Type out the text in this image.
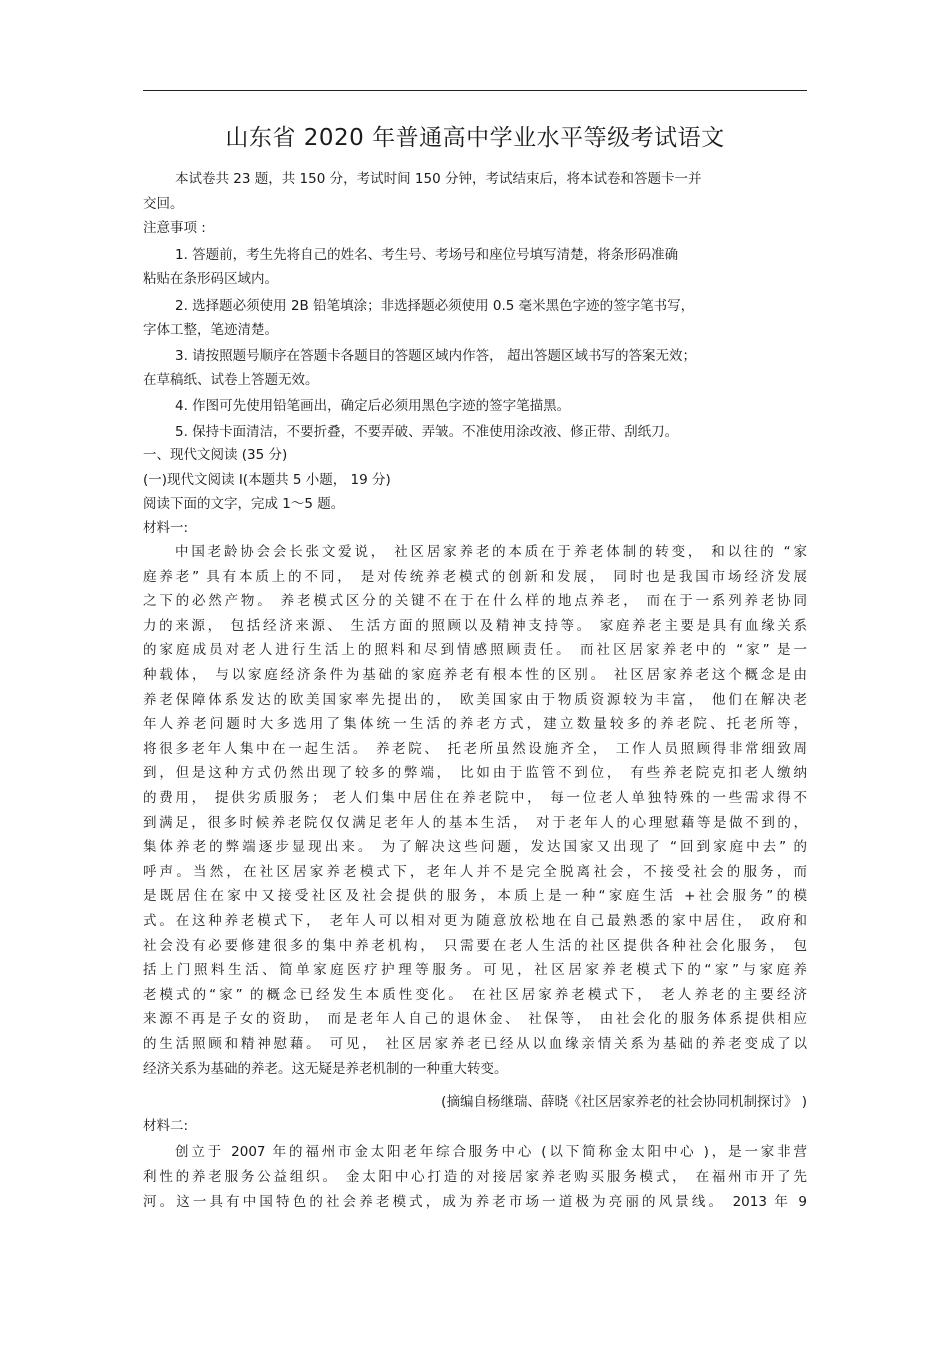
山东省 2020 年普通高中学业水平等级考试语文
本试卷共 23 题，共 150 分，考试时间 150 分钟，考试结束后，将本试卷和答题卡一并
交回。
注意事项 :
1. 答题前，考生先将自己的姓名、考生号、考场号和座位号填写清楚，将条形码准确
粘贴在条形码区域内。
2. 选择题必须使用 2B 铅笔填涂；非选择题必须使用 0.5 毫米黑色字迹的签字笔书写，
字体工整，笔迹清楚。
3. 请按照题号顺序在答题卡各题目的答题区域内作答， 超出答题区域书写的答案无效；
在草稿纸、试卷上答题无效。
4. 作图可先使用铅笔画出，确定后必须用黑色字迹的签字笔描黑。
5. 保持卡面清洁，不要折叠，不要弄破、弄皱。不准使用涂改液、修正带、刮纸刀。
一、现代文阅读 (35 分)
(一)现代文阅读 I(本题共 5 小题， 19 分)
阅读下面的文字，完成 1～5 题。
材料一:
中国老龄协会会长张文爱说， 社区居家养老的本质在于养老体制的转变， 和以往的 “家
庭养老” 具有本质上的不同， 是对传统养老模式的创新和发展， 同时也是我国市场经济发展
之下的必然产物。 养老模式区分的关键不在于在什么样的地点养老， 而在于一系列养老协同
力的来源， 包括经济来源、 生活方面的照顾以及精神支持等。 家庭养老主要是具有血缘关系
的家庭成员对老人进行生活上的照料和尽到情感照顾责任。 而社区居家养老中的 “家” 是一
种载体， 与以家庭经济条件为基础的家庭养老有根本性的区别。 社区居家养老这个概念是由
养老保障体系发达的欧美国家率先提出的， 欧美国家由于物质资源较为丰富， 他们在解决老
年人养老问题时大多选用了集体统一生活的养老方式，建立数量较多的养老院、托老所等，
将很多老年人集中在一起生活。 养老院、 托老所虽然设施齐全， 工作人员照顾得非常细致周
到，但是这种方式仍然出现了较多的弊端， 比如由于监管不到位， 有些养老院克扣老人缴纳
的费用， 提供劣质服务； 老人们集中居住在养老院中， 每一位老人单独特殊的一些需求得不
到满足，很多时候养老院仅仅满足老年人的基本生活， 对于老年人的心理慰藉等是做不到的，
集体养老的弊端逐步显现出来。 为了解决这些问题，发达国家又出现了 “回到家庭中去” 的
呼声。当然，在社区居家养老模式下，老年人并不是完全脱离社会，不接受社会的服务，而
是既居住在家中又接受社区及社会提供的服务，本质上是一种“家庭生活 +社会服务”的模
式。在这种养老模式下， 老年人可以相对更为随意放松地在自己最熟悉的家中居住， 政府和
社会没有必要修建很多的集中养老机构， 只需要在老人生活的社区提供各种社会化服务， 包
括上门照料生活、简单家庭医疗护理等服务。可见，社区居家养老模式下的“家”与家庭养
老模式的“家” 的概念已经发生本质性变化。 在社区居家养老模式下， 老人养老的主要经济
来源不再是子女的资助， 而是老年人自己的退休金、 社保等， 由社会化的服务体系提供相应
的生活照顾和精神慰藉。 可见， 社区居家养老已经从以血缘亲情关系为基础的养老变成了以
经济关系为基础的养老。这无疑是养老机制的一种重大转变。
(摘编自杨继瑞、薛晓《社区居家养老的社会协同机制探讨》 )
材料二:
创立于 2007 年的福州市金太阳老年综合服务中心 (以下简称金太阳中心 )，是一家非营
利性的养老服务公益组织。 金太阳中心打造的对接居家养老购买服务模式， 在福州市开了先
河。这一具有中国特色的社会养老模式，成为养老市场一道极为亮丽的风景线。 2013 年 9
